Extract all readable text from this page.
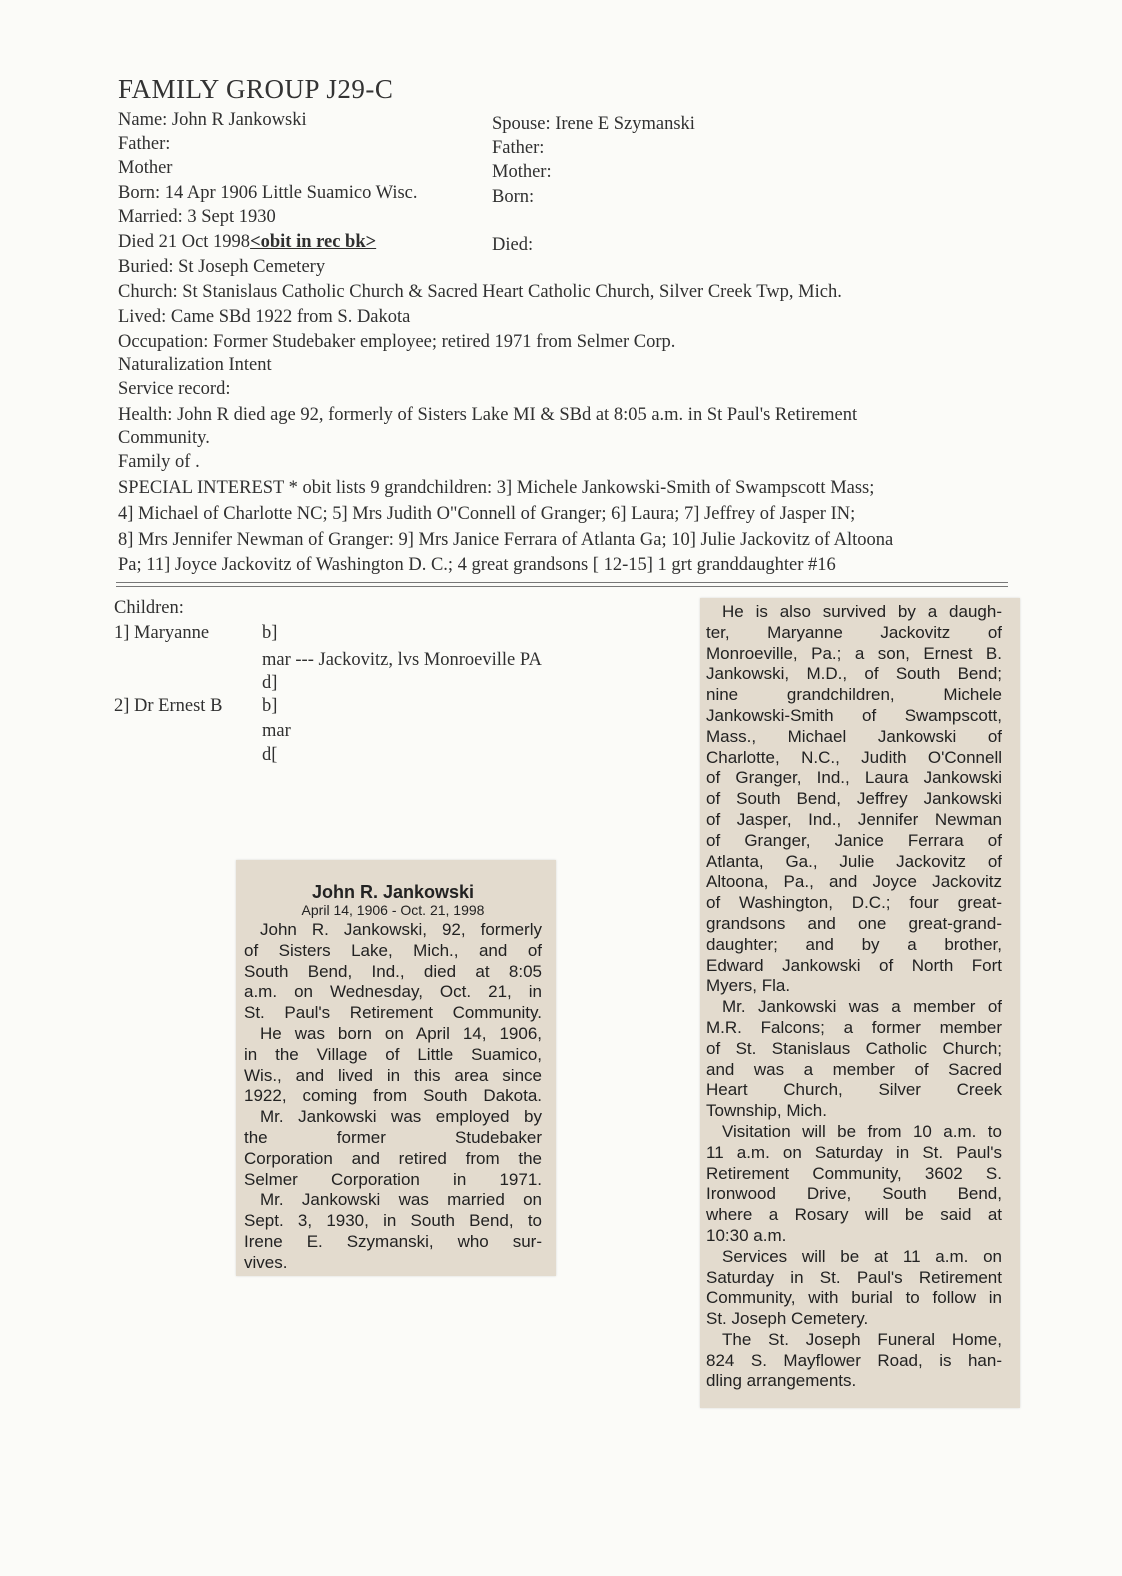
FAMILY GROUP J29-C
Name: John R Jankowski
Father:
Mother
Born: 14 Apr 1906 Little Suamico Wisc.
Married: 3 Sept 1930
Died 21 Oct 1998<obit in rec bk>
Buried: St Joseph Cemetery
Church: St Stanislaus Catholic Church & Sacred Heart Catholic Church, Silver Creek Twp, Mich.
Lived: Came SBd 1922 from S. Dakota
Occupation: Former Studebaker employee; retired 1971 from Selmer Corp.
Naturalization Intent
Service record:
Health: John R died age 92, formerly of Sisters Lake MI & SBd at 8:05 a.m. in St Paul's Retirement
Community.
Family of .
SPECIAL INTEREST * obit lists 9 grandchildren: 3] Michele Jankowski-Smith of Swampscott Mass;
4] Michael of Charlotte NC; 5] Mrs Judith O"Connell of Granger; 6] Laura; 7] Jeffrey of Jasper IN;
8] Mrs Jennifer Newman of Granger: 9] Mrs Janice Ferrara of Atlanta Ga; 10] Julie Jackovitz of Altoona
Pa; 11] Joyce Jackovitz of Washington D. C.; 4 great grandsons [ 12-15] 1 grt granddaughter #16
Spouse: Irene E Szymanski
Father:
Mother:
Born:
Died:
Children:
1] Maryanne	b]
mar --- Jackovitz, lvs Monroeville PA
d]
2] Dr Ernest B b]
mar
d[
John R. Jankowski
April 14, 1906 - Oct. 21, 1998
John R. Jankowski, 92, formerly
of Sisters Lake, Mich., and of
South Bend, Ind., died at 8:05
a.m. on Wednesday, Oct. 21, in
St. Paul's Retirement Community.
He was born on April 14, 1906,
in the Village of Little Suamico,
Wis., and lived in this area since
1922, coming from South Dakota.
Mr. Jankowski was employed by
the former Studebaker
Corporation and retired from the
Selmer Corporation in 1971.
Mr. Jankowski was married on
Sept. 3, 1930, in South Bend, to
Irene E. Szymanski, who sur-
vives.
He is also survived by a daugh-
ter, Maryanne Jackovitz of
Monroeville, Pa.; a son, Ernest B.
Jankowski, M.D., of South Bend;
nine grandchildren, Michele
Jankowski-Smith of Swampscott,
Mass., Michael Jankowski of
Charlotte, N.C., Judith O'Connell
of Granger, Ind., Laura Jankowski
of South Bend, Jeffrey Jankowski
of Jasper, Ind., Jennifer Newman
of Granger, Janice Ferrara of
Atlanta, Ga., Julie Jackovitz of
Altoona, Pa., and Joyce Jackovitz
of Washington, D.C.; four great-
grandsons and one great-grand-
daughter; and by a brother,
Edward Jankowski of North Fort
Myers, Fla.
Mr. Jankowski was a member of
M.R. Falcons; a former member
of St. Stanislaus Catholic Church;
and was a member of Sacred
Heart Church, Silver Creek
Township, Mich.
Visitation will be from 10 a.m. to
11 a.m. on Saturday in St. Paul's
Retirement Community, 3602 S.
Ironwood Drive, South Bend,
where a Rosary will be said at
10:30 a.m.
Services will be at 11 a.m. on
Saturday in St. Paul's Retirement
Community, with burial to follow in
St. Joseph Cemetery.
The St. Joseph Funeral Home,
824 S. Mayflower Road, is han-
dling arrangements.
